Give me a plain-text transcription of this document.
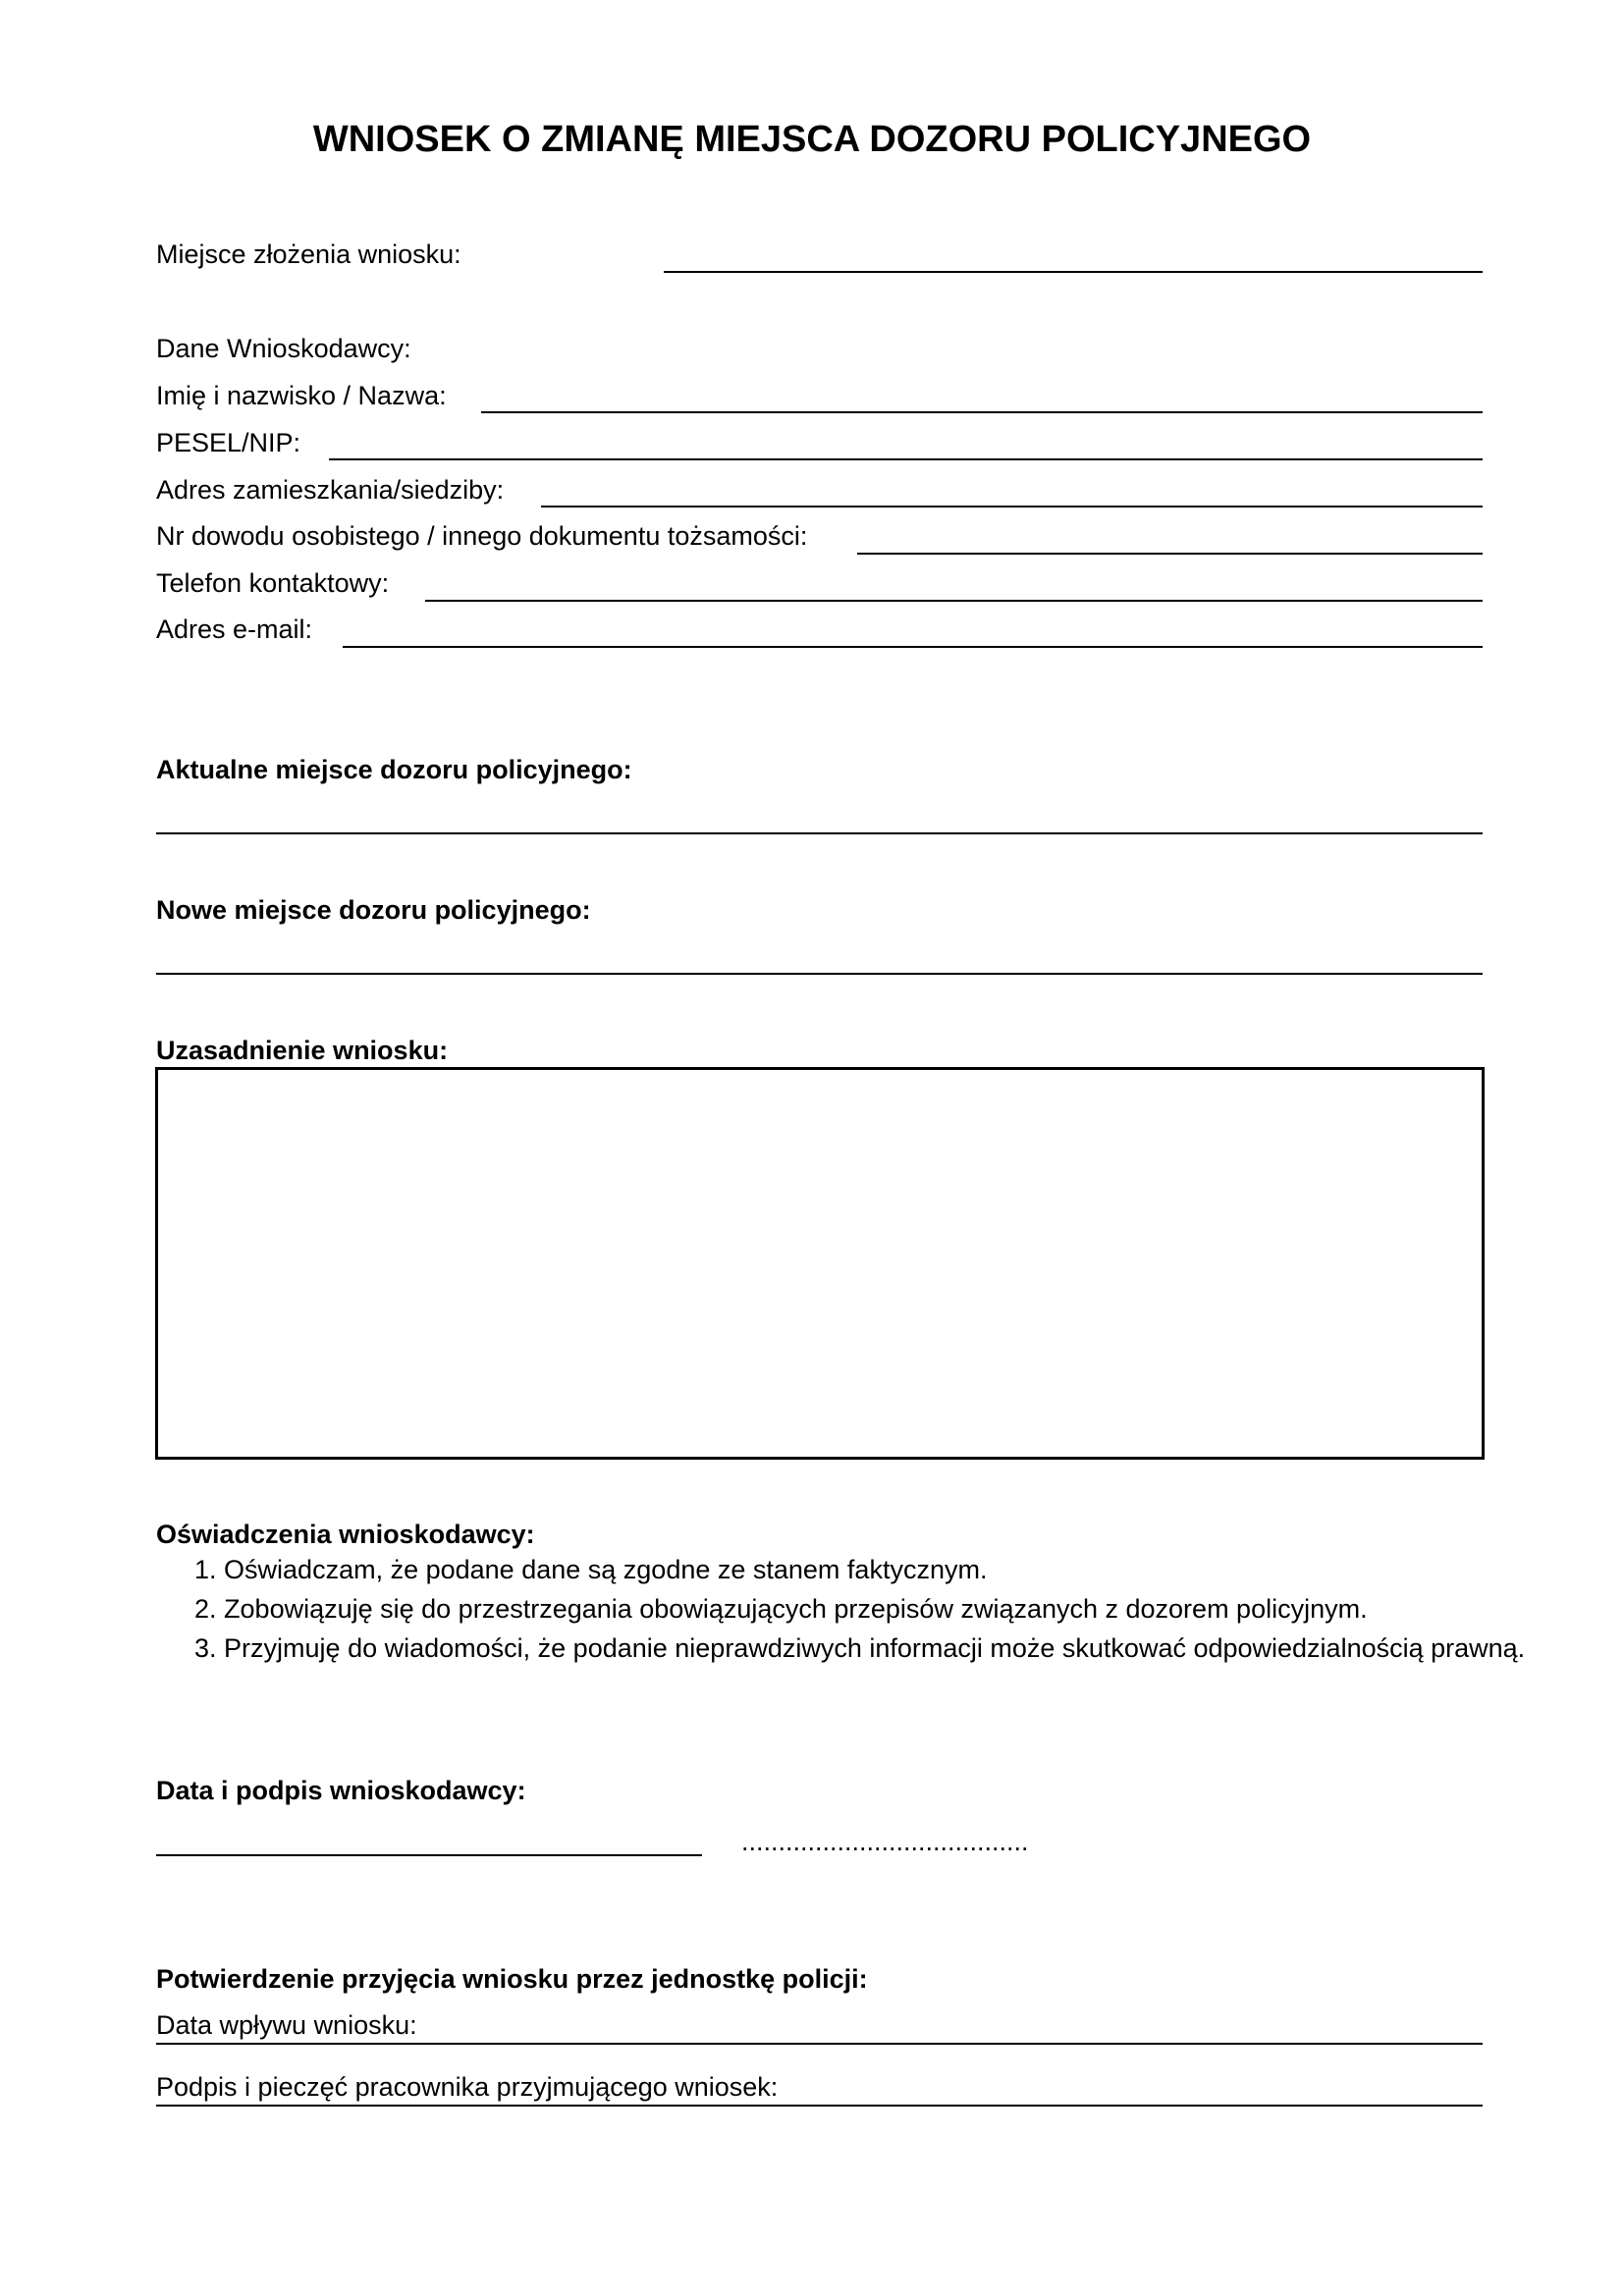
WNIOSEK O ZMIANĘ MIEJSCA DOZORU POLICYJNEGO
Miejsce złożenia wniosku:
Dane Wnioskodawcy:
Imię i nazwisko / Nazwa:
PESEL/NIP:
Adres zamieszkania/siedziby:
Nr dowodu osobistego / innego dokumentu tożsamości:
Telefon kontaktowy:
Adres e-mail:
Aktualne miejsce dozoru policyjnego:
Nowe miejsce dozoru policyjnego:
Uzasadnienie wniosku:
Oświadczenia wnioskodawcy:
1. Oświadczam, że podane dane są zgodne ze stanem faktycznym.
2. Zobowiązuję się do przestrzegania obowiązujących przepisów związanych z dozorem policyjnym.
3. Przyjmuję do wiadomości, że podanie nieprawdziwych informacji może skutkować odpowiedzialnością prawną.
Data i podpis wnioskodawcy:
.......................................
Potwierdzenie przyjęcia wniosku przez jednostkę policji:
Data wpływu wniosku:
Podpis i pieczęć pracownika przyjmującego wniosek:
